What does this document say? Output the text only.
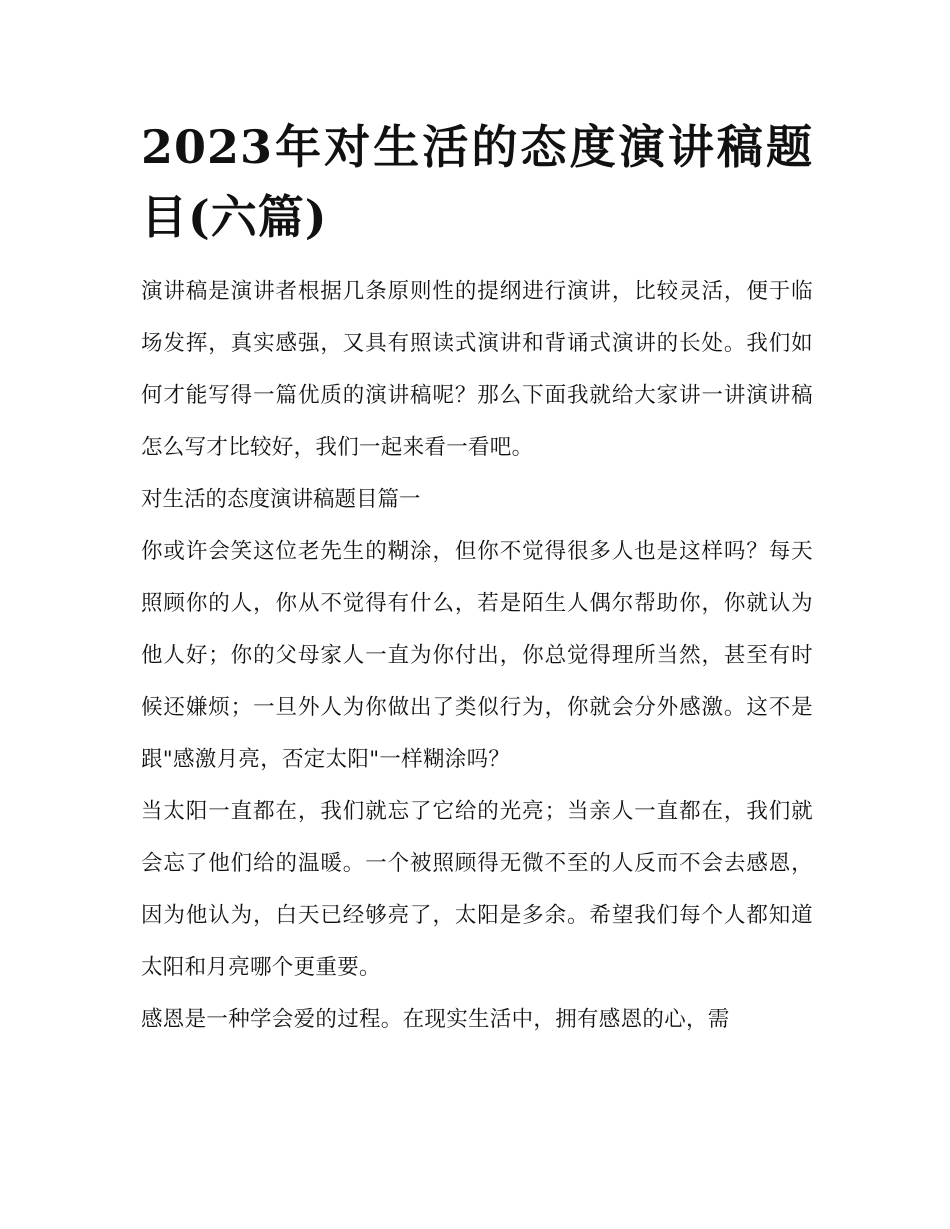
2023年对生活的态度演讲稿题目(六篇)

演讲稿是演讲者根据几条原则性的提纲进行演讲，比较灵活，便于临场发挥，真实感强，又具有照读式演讲和背诵式演讲的长处。我们如何才能写得一篇优质的演讲稿呢？那么下面我就给大家讲一讲演讲稿怎么写才比较好，我们一起来看一看吧。

对生活的态度演讲稿题目篇一

你或许会笑这位老先生的糊涂，但你不觉得很多人也是这样吗？每天照顾你的人，你从不觉得有什么，若是陌生人偶尔帮助你，你就认为他人好；你的父母家人一直为你付出，你总觉得理所当然，甚至有时候还嫌烦；一旦外人为你做出了类似行为，你就会分外感激。这不是跟"感激月亮，否定太阳"一样糊涂吗？

当太阳一直都在，我们就忘了它给的光亮；当亲人一直都在，我们就会忘了他们给的温暖。一个被照顾得无微不至的人反而不会去感恩，因为他认为，白天已经够亮了，太阳是多余。希望我们每个人都知道太阳和月亮哪个更重要。

感恩是一种学会爱的过程。在现实生活中，拥有感恩的心，需
